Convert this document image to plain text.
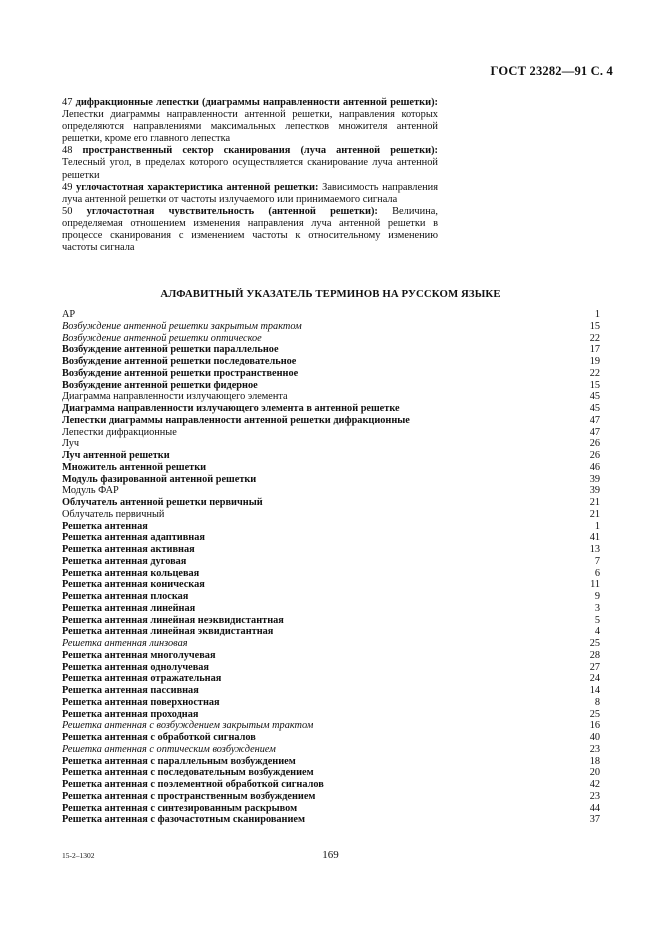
ГОСТ 23282—91 С. 4

47 дифракционные лепестки (диаграммы направленности антенной решетки): Лепестки диаграммы направленности антенной решетки, направления которых определяются направлениями максимальных лепестков множителя антенной решетки, кроме его главного лепестка

48 пространственный сектор сканирования (луча антенной решетки): Телесный угол, в пределах которого осуществляется сканирование луча антенной решетки

49 углочастотная характеристика антенной решетки: Зависимость направления луча антенной решетки от частоты излучаемого или принимаемого сигнала

50 углочастотная чувствительность (антенной решетки): Величина, определяемая отношением изменения направления луча антенной решетки в процессе сканирования с изменением частоты к относительному изменению частоты сигнала

АЛФАВИТНЫЙ УКАЗАТЕЛЬ ТЕРМИНОВ НА РУССКОМ ЯЗЫКЕ
АР	1
Возбуждение антенной решетки закрытым трактом	15
Возбуждение антенной решетки оптическое	22
Возбуждение антенной решетки параллельное	17
Возбуждение антенной решетки последовательное	19
Возбуждение антенной решетки пространственное	22
Возбуждение антенной решетки фидерное	15
Диаграмма направленности излучающего элемента	45
Диаграмма направленности излучающего элемента в антенной решетке	45
Лепестки диаграммы направленности антенной решетки дифракционные	47
Лепестки дифракционные	47
Луч	26
Луч антенной решетки	26
Множитель антенной решетки	46
Модуль фазированной антенной решетки	39
Модуль ФАР	39
Облучатель антенной решетки первичный	21
Облучатель первичный	21
Решетка антенная	1
Решетка антенная адаптивная	41
Решетка антенная активная	13
Решетка антенная дуговая	7
Решетка антенная кольцевая	6
Решетка антенная коническая	11
Решетка антенная плоская	9
Решетка антенная линейная	3
Решетка антенная линейная неэквидистантная	5
Решетка антенная линейная эквидистантная	4
Решетка антенная линзовая	25
Решетка антенная многолучевая	28
Решетка антенная однолучевая	27
Решетка антенная отражательная	24
Решетка антенная пассивная	14
Решетка антенная поверхностная	8
Решетка антенная проходная	25
Решетка антенная с возбуждением закрытым трактом	16
Решетка антенная с обработкой сигналов	40
Решетка антенная с оптическим возбуждением	23
Решетка антенная с параллельным возбуждением	18
Решетка антенная с последовательным возбуждением	20
Решетка антенная с поэлементной обработкой сигналов	42
Решетка антенная с пространственным возбуждением	23
Решетка антенная с синтезированным раскрывом	44
Решетка антенная с фазочастотным сканированием	37
15-2–1302	169
